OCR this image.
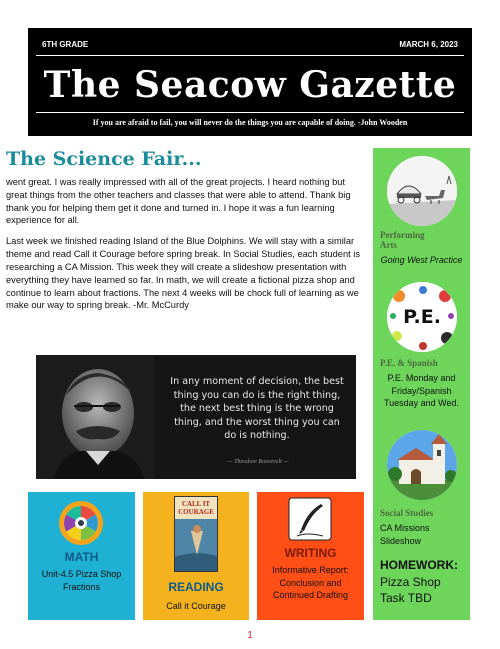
6TH GRADE	MARCH 6, 2023
The Seacow Gazette
If you are afraid to fail, you will never do the things you are capable of doing. -John Wooden
The Science Fair...

went great. I was really impressed with all of the great projects. I heard nothing but great things from the other teachers and classes that were able to attend. Thank big thank you for helping them get it done and turned in. I hope it was a fun learning experience for all.

Last week we finished reading Island of the Blue Dolphins. We will stay with a similar theme and read Call it Courage before spring break. In Social Studies, each student is researching a CA Mission. This week they will create a slideshow presentation with everything they have learned so far. In math, we will create a fictional pizza shop and continue to learn about fractions. The next 4 weeks will be chock full of learning as we make our way to spring break. -Mr. McCurdy

In any moment of decision, the best
thing you can do is the right thing,
the next best thing is the wrong
thing, and the worst thing you can
do is nothing.
— Theodore Roosevelt —
MATH
Unit-4.5 Pizza Shop
Fractions
CALL IT
COURAGE
READING
Call it Courage
WRITING
Informative Report:
Conclusion and
Continued Drafting
Performing
Arts
Going West Practice
P.E.
P.E. & Spanish
P.E. Monday and
Friday/Spanish
Tuesday and Wed.
Social Studies
CA Missions
Slideshow
HOMEWORK:
Pizza Shop
Task TBD
1
